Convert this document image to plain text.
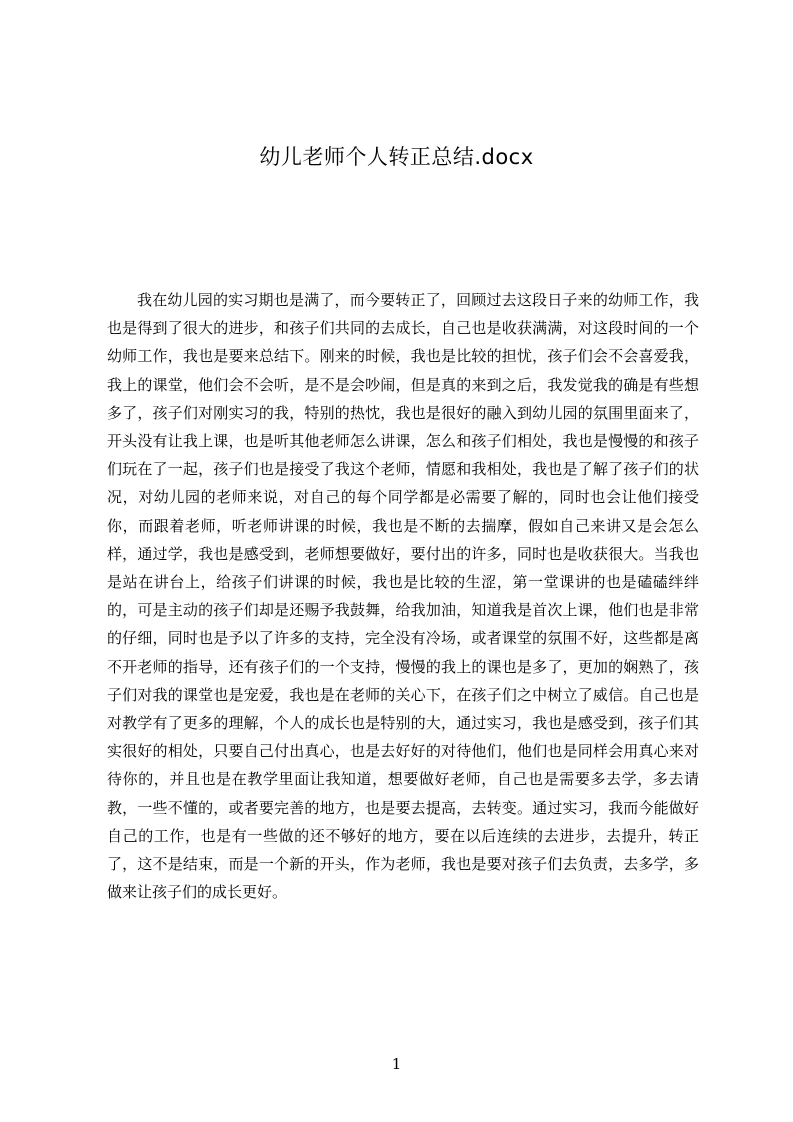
幼儿老师个人转正总结.docx

我在幼儿园的实习期也是满了，而今要转正了，回顾过去这段日子来的幼师工作，我也是得到了很大的进步，和孩子们共同的去成长，自己也是收获满满，对这段时间的一个幼师工作，我也是要来总结下。刚来的时候，我也是比较的担忧，孩子们会不会喜爱我，我上的课堂，他们会不会听，是不是会吵闹，但是真的来到之后，我发觉我的确是有些想多了，孩子们对刚实习的我，特别的热忱，我也是很好的融入到幼儿园的氛围里面来了，开头没有让我上课，也是听其他老师怎么讲课，怎么和孩子们相处，我也是慢慢的和孩子们玩在了一起，孩子们也是接受了我这个老师，情愿和我相处，我也是了解了孩子们的状况，对幼儿园的老师来说，对自己的每个同学都是必需要了解的，同时也会让他们接受你，而跟着老师，听老师讲课的时候，我也是不断的去揣摩，假如自己来讲又是会怎么样，通过学，我也是感受到，老师想要做好，要付出的许多，同时也是收获很大。当我也是站在讲台上，给孩子们讲课的时候，我也是比较的生涩，第一堂课讲的也是磕磕绊绊的，可是主动的孩子们却是还赐予我鼓舞，给我加油，知道我是首次上课，他们也是非常的仔细，同时也是予以了许多的支持，完全没有冷场，或者课堂的氛围不好，这些都是离不开老师的指导，还有孩子们的一个支持，慢慢的我上的课也是多了，更加的娴熟了，孩子们对我的课堂也是宠爱，我也是在老师的关心下，在孩子们之中树立了威信。自己也是对教学有了更多的理解，个人的成长也是特别的大，通过实习，我也是感受到，孩子们其实很好的相处，只要自己付出真心，也是去好好的对待他们，他们也是同样会用真心来对待你的，并且也是在教学里面让我知道，想要做好老师，自己也是需要多去学，多去请教，一些不懂的，或者要完善的地方，也是要去提高，去转变。通过实习，我而今能做好自己的工作，也是有一些做的还不够好的地方，要在以后连续的去进步，去提升，转正了，这不是结束，而是一个新的开头，作为老师，我也是要对孩子们去负责，去多学，多做来让孩子们的成长更好。

1
